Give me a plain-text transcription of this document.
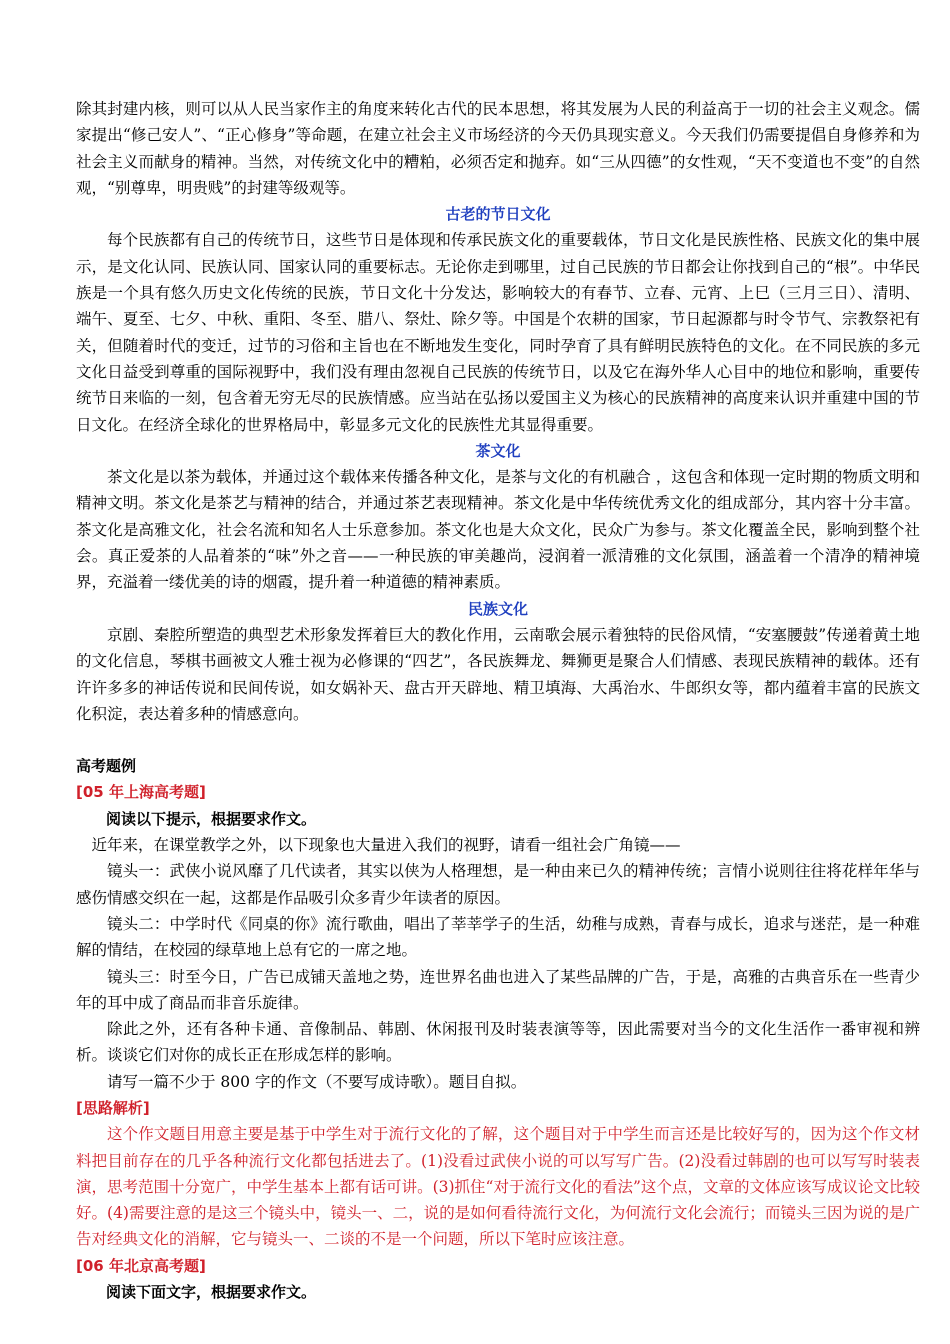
除其封建内核，则可以从人民当家作主的角度来转化古代的民本思想，将其发展为人民的利益高于一切的社会主义观念。儒家提出“修己安人”、“正心修身”等命题，在建立社会主义市场经济的今天仍具现实意义。今天我们仍需要提倡自身修养和为社会主义而献身的精神。当然，对传统文化中的糟粕，必须否定和抛弃。如“三从四德”的女性观，“天不变道也不变”的自然观，“别尊卑，明贵贱”的封建等级观等。

古老的节日文化

每个民族都有自己的传统节日，这些节日是体现和传承民族文化的重要载体，节日文化是民族性格、民族文化的集中展示，是文化认同、民族认同、国家认同的重要标志。无论你走到哪里，过自己民族的节日都会让你找到自己的“根”。中华民族是一个具有悠久历史文化传统的民族，节日文化十分发达，影响较大的有春节、立春、元宵、上巳（三月三日）、清明、端午、夏至、七夕、中秋、重阳、冬至、腊八、祭灶、除夕等。中国是个农耕的国家，节日起源都与时令节气、宗教祭祀有关，但随着时代的变迁，过节的习俗和主旨也在不断地发生变化，同时孕育了具有鲜明民族特色的文化。在不同民族的多元文化日益受到尊重的国际视野中，我们没有理由忽视自己民族的传统节日，以及它在海外华人心目中的地位和影响，重要传统节日来临的一刻，包含着无穷无尽的民族情感。应当站在弘扬以爱国主义为核心的民族精神的高度来认识并重建中国的节日文化。在经济全球化的世界格局中，彰显多元文化的民族性尤其显得重要。

茶文化

茶文化是以茶为载体，并通过这个载体来传播各种文化，是茶与文化的有机融合 ，这包含和体现一定时期的物质文明和精神文明。茶文化是茶艺与精神的结合，并通过茶艺表现精神。茶文化是中华传统优秀文化的组成部分，其内容十分丰富。茶文化是高雅文化，社会名流和知名人士乐意参加。茶文化也是大众文化，民众广为参与。茶文化覆盖全民，影响到整个社会。真正爱茶的人品着茶的“味”外之音——一种民族的审美趣尚，浸润着一派清雅的文化氛围，涵盖着一个清净的精神境界，充溢着一缕优美的诗的烟霞，提升着一种道德的精神素质。

民族文化

京剧、秦腔所塑造的典型艺术形象发挥着巨大的教化作用，云南歌会展示着独特的民俗风情，“安塞腰鼓”传递着黄土地的文化信息，琴棋书画被文人雅士视为必修课的“四艺”，各民族舞龙、舞狮更是聚合人们情感、表现民族精神的载体。还有许许多多的神话传说和民间传说，如女娲补天、盘古开天辟地、精卫填海、大禹治水、牛郎织女等，都内蕴着丰富的民族文化积淀，表达着多种的情感意向。

高考题例

[05 年上海高考题]

阅读以下提示，根据要求作文。

近年来，在课堂教学之外，以下现象也大量进入我们的视野，请看一组社会广角镜——

镜头一：武侠小说风靡了几代读者，其实以侠为人格理想，是一种由来已久的精神传统；言情小说则往往将花样年华与感伤情感交织在一起，这都是作品吸引众多青少年读者的原因。

镜头二：中学时代《同桌的你》流行歌曲，唱出了莘莘学子的生活，幼稚与成熟，青春与成长，追求与迷茫，是一种难解的情结，在校园的绿草地上总有它的一席之地。

镜头三：时至今日，广告已成铺天盖地之势，连世界名曲也进入了某些品牌的广告，于是，高雅的古典音乐在一些青少年的耳中成了商品而非音乐旋律。

除此之外，还有各种卡通、音像制品、韩剧、休闲报刊及时装表演等等，因此需要对当今的文化生活作一番审视和辨析。谈谈它们对你的成长正在形成怎样的影响。

请写一篇不少于 800 字的作文（不要写成诗歌）。题目自拟。

[思路解析]

这个作文题目用意主要是基于中学生对于流行文化的了解，这个题目对于中学生而言还是比较好写的，因为这个作文材料把目前存在的几乎各种流行文化都包括进去了。(1)没看过武侠小说的可以写写广告。(2)没看过韩剧的也可以写写时装表演，思考范围十分宽广，中学生基本上都有话可讲。(3)抓住“对于流行文化的看法”这个点，文章的文体应该写成议论文比较好。(4)需要注意的是这三个镜头中，镜头一、二，说的是如何看待流行文化，为何流行文化会流行；而镜头三因为说的是广告对经典文化的消解，它与镜头一、二谈的不是一个问题，所以下笔时应该注意。

[06 年北京高考题]

阅读下面文字，根据要求作文。
